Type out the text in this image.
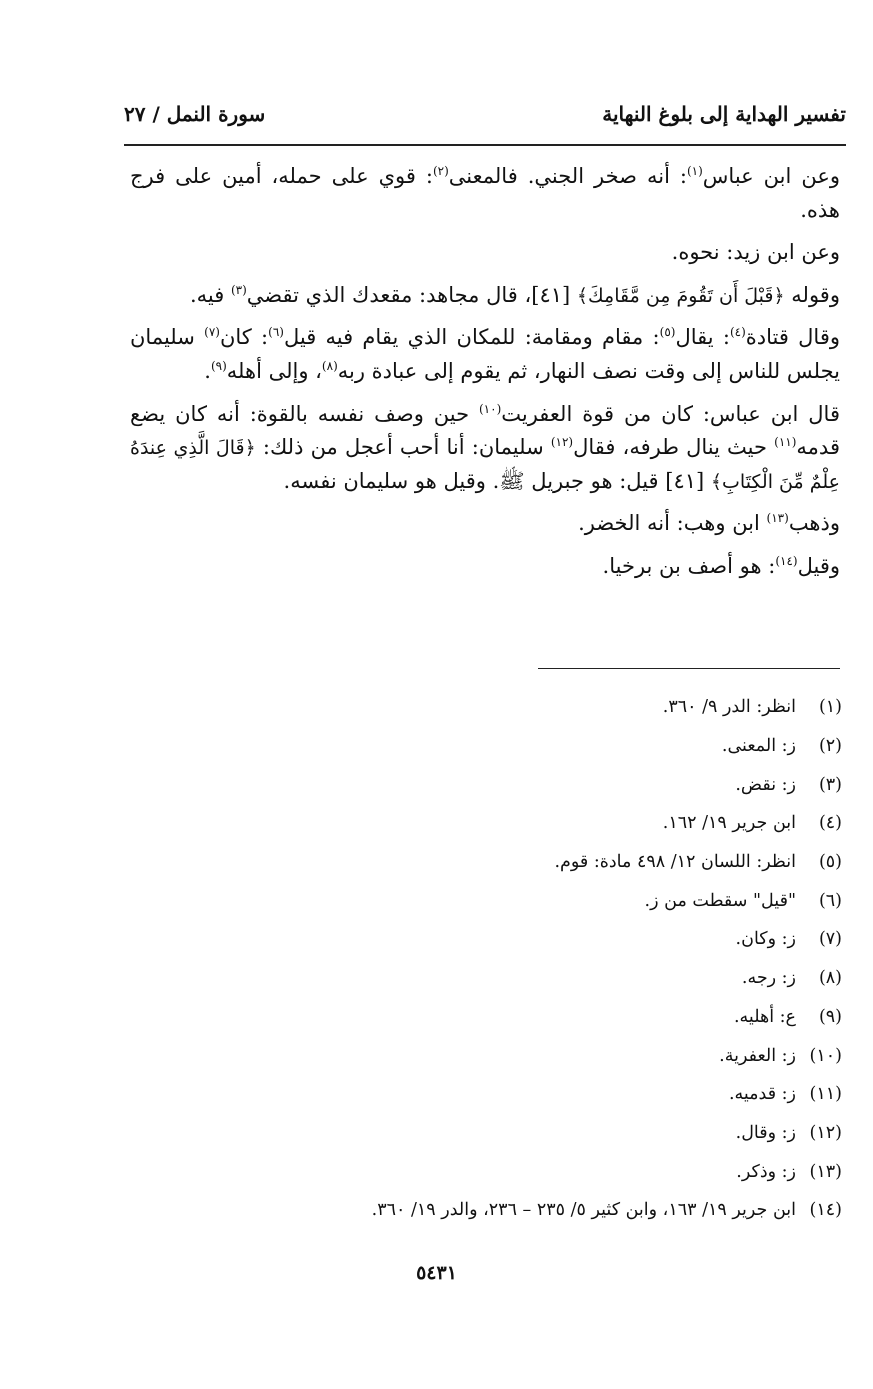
تفسير الهداية إلى بلوغ النهاية
سورة النمل / ٢٧

وعن ابن عباس$^{(١)}$: أنه صخر الجني. فالمعنى$^{(٢)}$: قوي على حمله، أمين على فرج هذه.

وعن ابن زيد: نحوه.

وقوله ﴿قَبْلَ أَن تَقُومَ مِن مَّقَامِكَ﴾ [٤١]، قال مجاهد: مقعدك الذي تقضي$^{(٣)}$ فيه.

وقال قتادة$^{(٤)}$: يقال$^{(٥)}$: مقام ومقامة: للمكان الذي يقام فيه قيل$^{(٦)}$: كان$^{(٧)}$ سليمان يجلس للناس إلى وقت نصف النهار، ثم يقوم إلى عبادة ربه$^{(٨)}$، وإلى أهله$^{(٩)}$.

قال ابن عباس: كان من قوة العفريت$^{(١٠)}$ حين وصف نفسه بالقوة: أنه كان يضع قدمه$^{(١١)}$ حيث ينال طرفه، فقال$^{(١٢)}$ سليمان: أنا أحب أعجل من ذلك: ﴿قَالَ الَّذِي عِندَهُ عِلْمٌ مِّنَ الْكِتَابِ﴾ [٤١] قيل: هو جبريل ﷺ. وقيل هو سليمان نفسه.

وذهب$^{(١٣)}$ ابن وهب: أنه الخضر.

وقيل$^{(١٤)}$: هو أصف بن برخيا.

(١)
انظر: الدر ٩/ ٣٦٠.
(٢)
ز: المعنى.
(٣)
ز: نقض.
(٤)
ابن جرير ١٩/ ١٦٢.
(٥)
انظر: اللسان ١٢/ ٤٩٨ مادة: قوم.
(٦)
"قيل" سقطت من ز.
(٧)
ز: وكان.
(٨)
ز: رجه.
(٩)
ع: أهليه.
(١٠)
ز: العفرية.
(١١)
ز: قدميه.
(١٢)
ز: وقال.
(١٣)
ز: وذكر.
(١٤)
ابن جرير ١٩/ ١٦٣، وابن كثير ٥/ ٢٣٥ – ٢٣٦، والدر ١٩/ ٣٦٠.
٥٤٣١
